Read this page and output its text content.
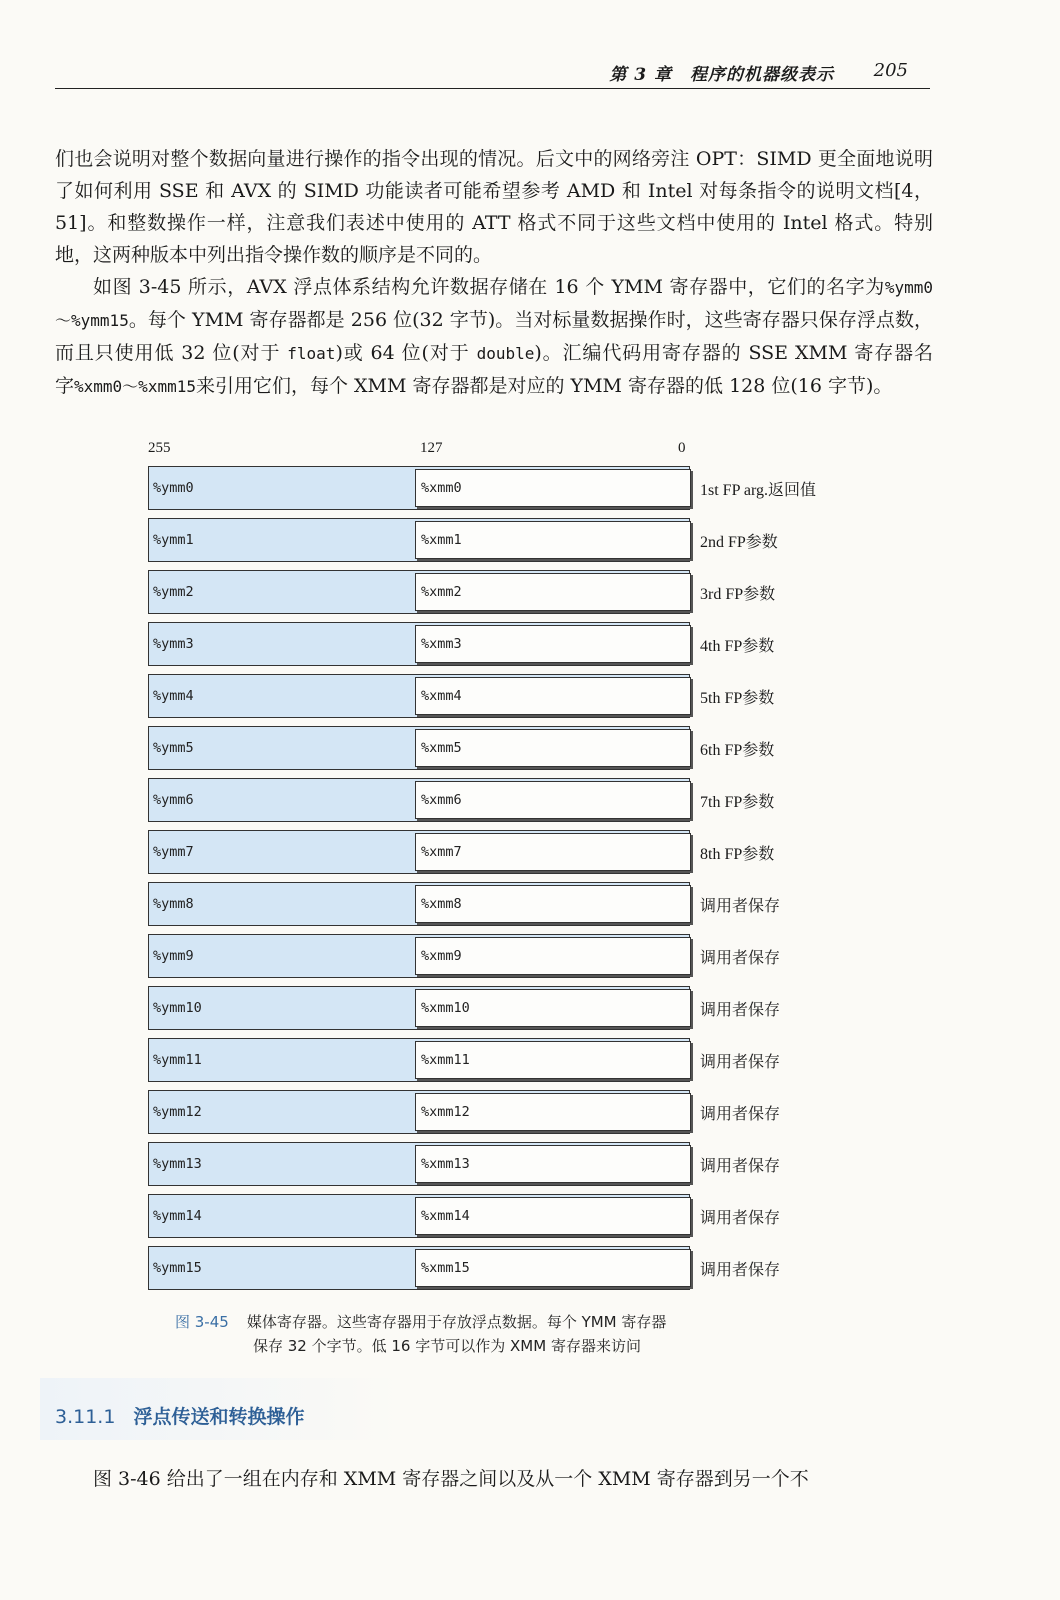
第 3 章　程序的机器级表示 205

们也会说明对整个数据向量进行操作的指令出现的情况。后文中的网络旁注 OPT：SIMD 更全面地说明了如何利用 SSE 和 AVX 的 SIMD 功能读者可能希望参考 AMD 和 Intel 对每条指令的说明文档[4，51]。和整数操作一样，注意我们表述中使用的 ATT 格式不同于这些文档中使用的 Intel 格式。特别地，这两种版本中列出指令操作数的顺序是不同的。

如图 3-45 所示，AVX 浮点体系结构允许数据存储在 16 个 YMM 寄存器中，它们的名字为%ymm0～%ymm15。每个 YMM 寄存器都是 256 位(32 字节)。当对标量数据操作时，这些寄存器只保存浮点数，而且只使用低 32 位(对于 float)或 64 位(对于 double)。汇编代码用寄存器的 SSE XMM 寄存器名字%xmm0～%xmm15来引用它们，每个 XMM 寄存器都是对应的 YMM 寄存器的低 128 位(16 字节)。

255	127	0
%ymm0	%xmm0	1st FP arg.返回值
%ymm1	%xmm1	2nd FP参数
%ymm2	%xmm2	3rd FP参数
%ymm3	%xmm3	4th FP参数
%ymm4	%xmm4	5th FP参数
%ymm5	%xmm5	6th FP参数
%ymm6	%xmm6	7th FP参数
%ymm7	%xmm7	8th FP参数
%ymm8	%xmm8	调用者保存
%ymm9	%xmm9	调用者保存
%ymm10	%xmm10	调用者保存
%ymm11	%xmm11	调用者保存
%ymm12	%xmm12	调用者保存
%ymm13	%xmm13	调用者保存
%ymm14	%xmm14	调用者保存
%ymm15	%xmm15	调用者保存
图 3-45 媒体寄存器。这些寄存器用于存放浮点数据。每个 YMM 寄存器
保存 32 个字节。低 16 字节可以作为 XMM 寄存器来访问
3.11.1 浮点传送和转换操作

图 3-46 给出了一组在内存和 XMM 寄存器之间以及从一个 XMM 寄存器到另一个不
